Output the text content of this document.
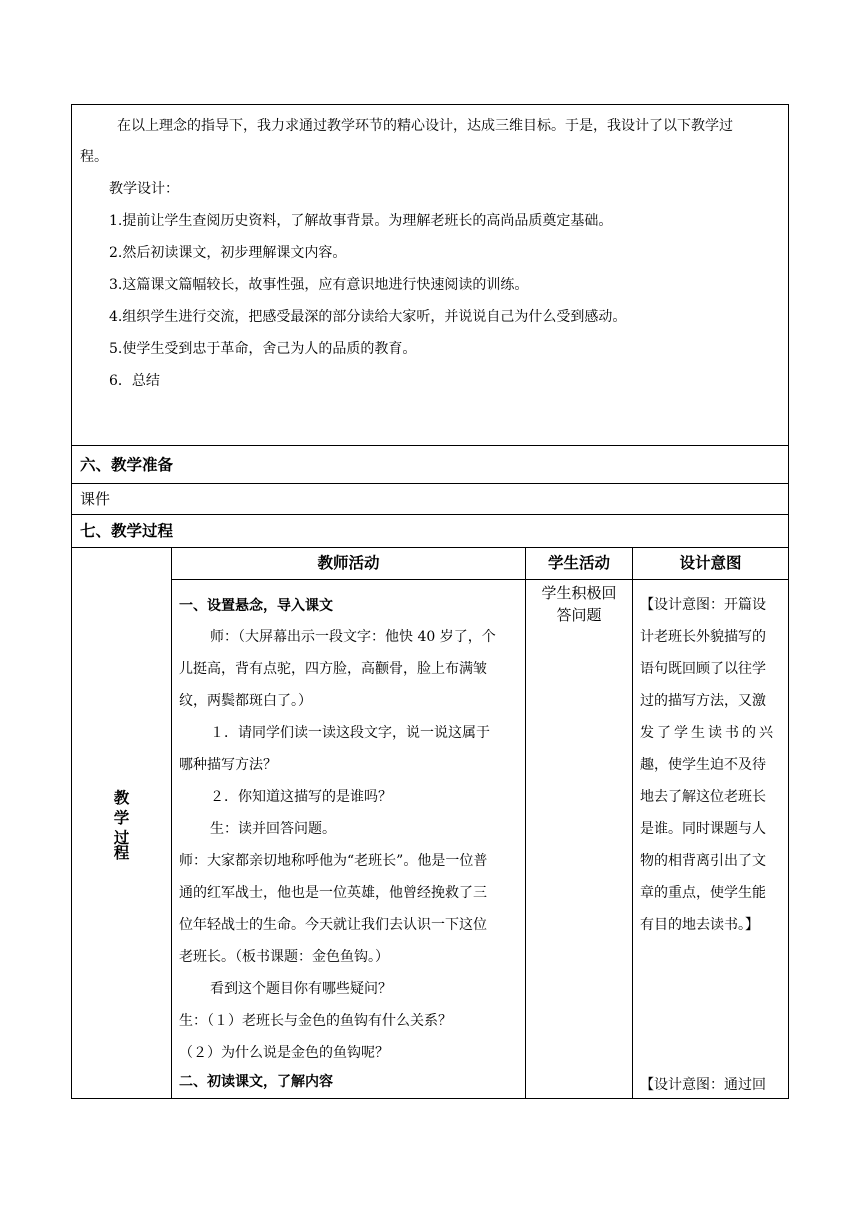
在以上理念的指导下，我力求通过教学环节的精心设计，达成三维目标。于是，我设计了以下教学过
程。
教学设计：
1.提前让学生查阅历史资料，了解故事背景。为理解老班长的高尚品质奠定基础。
2.然后初读课文，初步理解课文内容。
3.这篇课文篇幅较长，故事性强，应有意识地进行快速阅读的训练。
4.组织学生进行交流，把感受最深的部分读给大家听，并说说自己为什么受到感动。
5.使学生受到忠于革命，舍己为人的品质的教育。
6．总结
六、教学准备
课件
七、教学过程
教师活动	学生活动	设计意图
教
学
过
程
一、设置悬念，导入课文
师：（大屏幕出示一段文字：他快 40 岁了，个
儿挺高，背有点驼，四方脸，高颧骨，脸上布满皱
纹，两鬓都斑白了。）
１．请同学们读一读这段文字，说一说这属于
哪种描写方法？
２．你知道这描写的是谁吗？
生：读并回答问题。
师：大家都亲切地称呼他为“老班长”。他是一位普
通的红军战士，他也是一位英雄，他曾经挽救了三
位年轻战士的生命。今天就让我们去认识一下这位
老班长。（板书课题：金色鱼钩。）
看到这个题目你有哪些疑问？
生：（１）老班长与金色的鱼钩有什么关系？
（２）为什么说是金色的鱼钩呢？
二、初读课文，了解内容
学生积极回
答问题
【设计意图：开篇设
计老班长外貌描写的
语句既回顾了以往学
过的描写方法，又激
发了学生读书的兴
趣，使学生迫不及待
地去了解这位老班长
是谁。同时课题与人
物的相背离引出了文
章的重点，使学生能
有目的地去读书。】
【设计意图：通过回
